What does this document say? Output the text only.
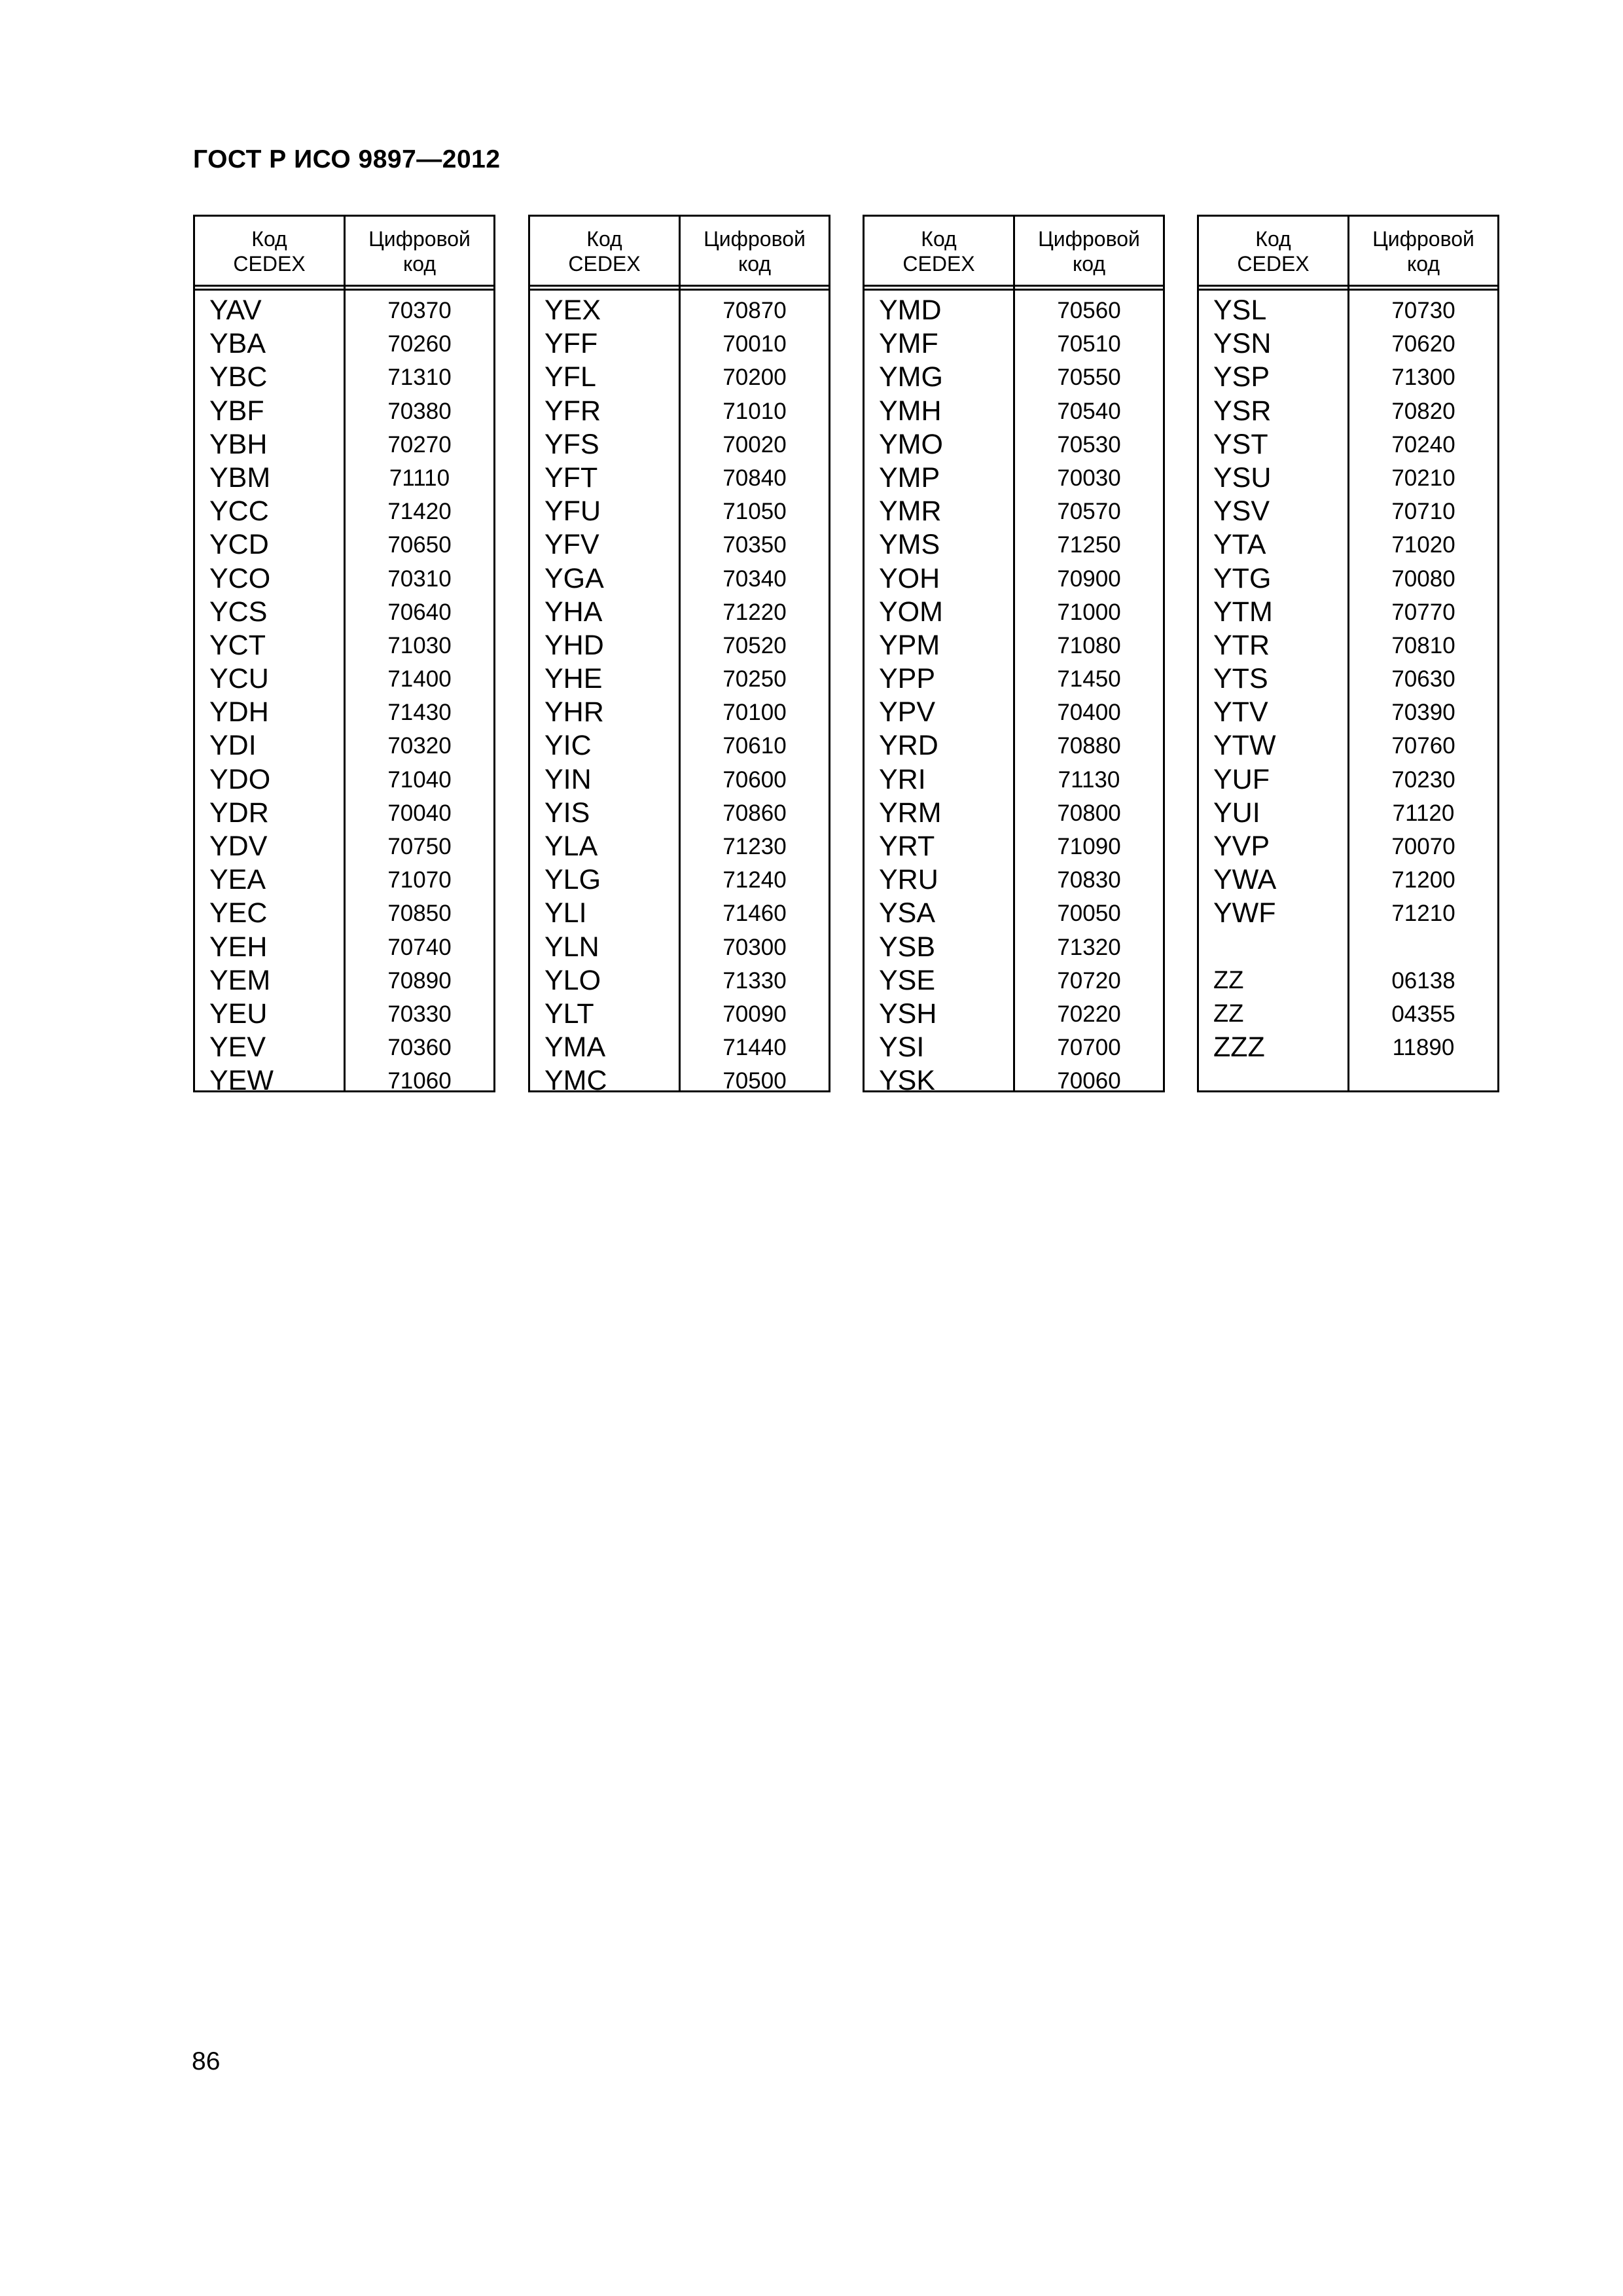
ГОСТ Р ИСО 9897—2012
Код
CEDEX
Цифровой
код
YAV	70370
YBA	70260
YBC	71310
YBF	70380
YBH	70270
YBM	71110
YCC	71420
YCD	70650
YCO	70310
YCS	70640
YCT	71030
YCU	71400
YDH	71430
YDI	70320
YDO	71040
YDR	70040
YDV	70750
YEA	71070
YEC	70850
YEH	70740
YEM	70890
YEU	70330
YEV	70360
YEW	71060
Код
CEDEX
Цифровой
код
YEX	70870
YFF	70010
YFL	70200
YFR	71010
YFS	70020
YFT	70840
YFU	71050
YFV	70350
YGA	70340
YHA	71220
YHD	70520
YHE	70250
YHR	70100
YIC	70610
YIN	70600
YIS	70860
YLA	71230
YLG	71240
YLI	71460
YLN	70300
YLO	71330
YLT	70090
YMA	71440
YMC	70500
Код
CEDEX
Цифровой
код
YMD	70560
YMF	70510
YMG	70550
YMH	70540
YMO	70530
YMP	70030
YMR	70570
YMS	71250
YOH	70900
YOM	71000
YPM	71080
YPP	71450
YPV	70400
YRD	70880
YRI	71130
YRM	70800
YRT	71090
YRU	70830
YSA	70050
YSB	71320
YSE	70720
YSH	70220
YSI	70700
YSK	70060
Код
CEDEX
Цифровой
код
YSL	70730
YSN	70620
YSP	71300
YSR	70820
YST	70240
YSU	70210
YSV	70710
YTA	71020
YTG	70080
YTM	70770
YTR	70810
YTS	70630
YTV	70390
YTW	70760
YUF	70230
YUI	71120
YVP	70070
YWA	71200
YWF	71210
ZZ	06138
ZZ	04355
ZZZ	11890
86
